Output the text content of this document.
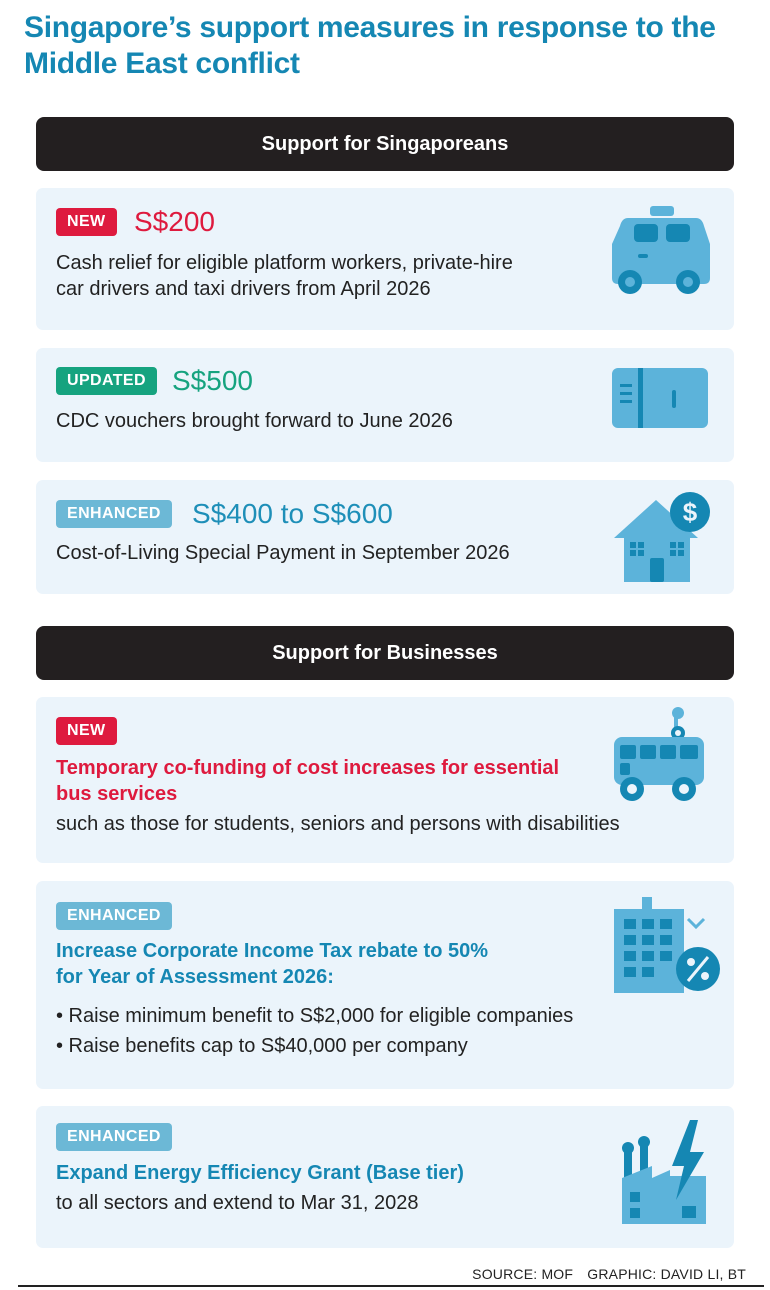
Singapore’s support measures in response to the Middle East conflict
Support for Singaporeans
NEW	S$200
Cash relief for eligible platform workers, private-hire
car drivers and taxi drivers from April 2026
UPDATED S$500
CDC vouchers brought forward to June 2026
ENHANCED	S$400 to S$600
Cost-of-Living Special Payment in September 2026
$
Support for Businesses
NEW
Temporary co-funding of cost increases for essential
bus services
such as those for students, seniors and persons with disabilities
ENHANCED
Increase Corporate Income Tax rebate to 50%
for Year of Assessment 2026:
• Raise minimum benefit to S$2,000 for eligible companies
• Raise benefits cap to S$40,000 per company
ENHANCED
Expand Energy Efficiency Grant (Base tier)
to all sectors and extend to Mar 31, 2028
SOURCE: MOF GRAPHIC: DAVID LI, BT
